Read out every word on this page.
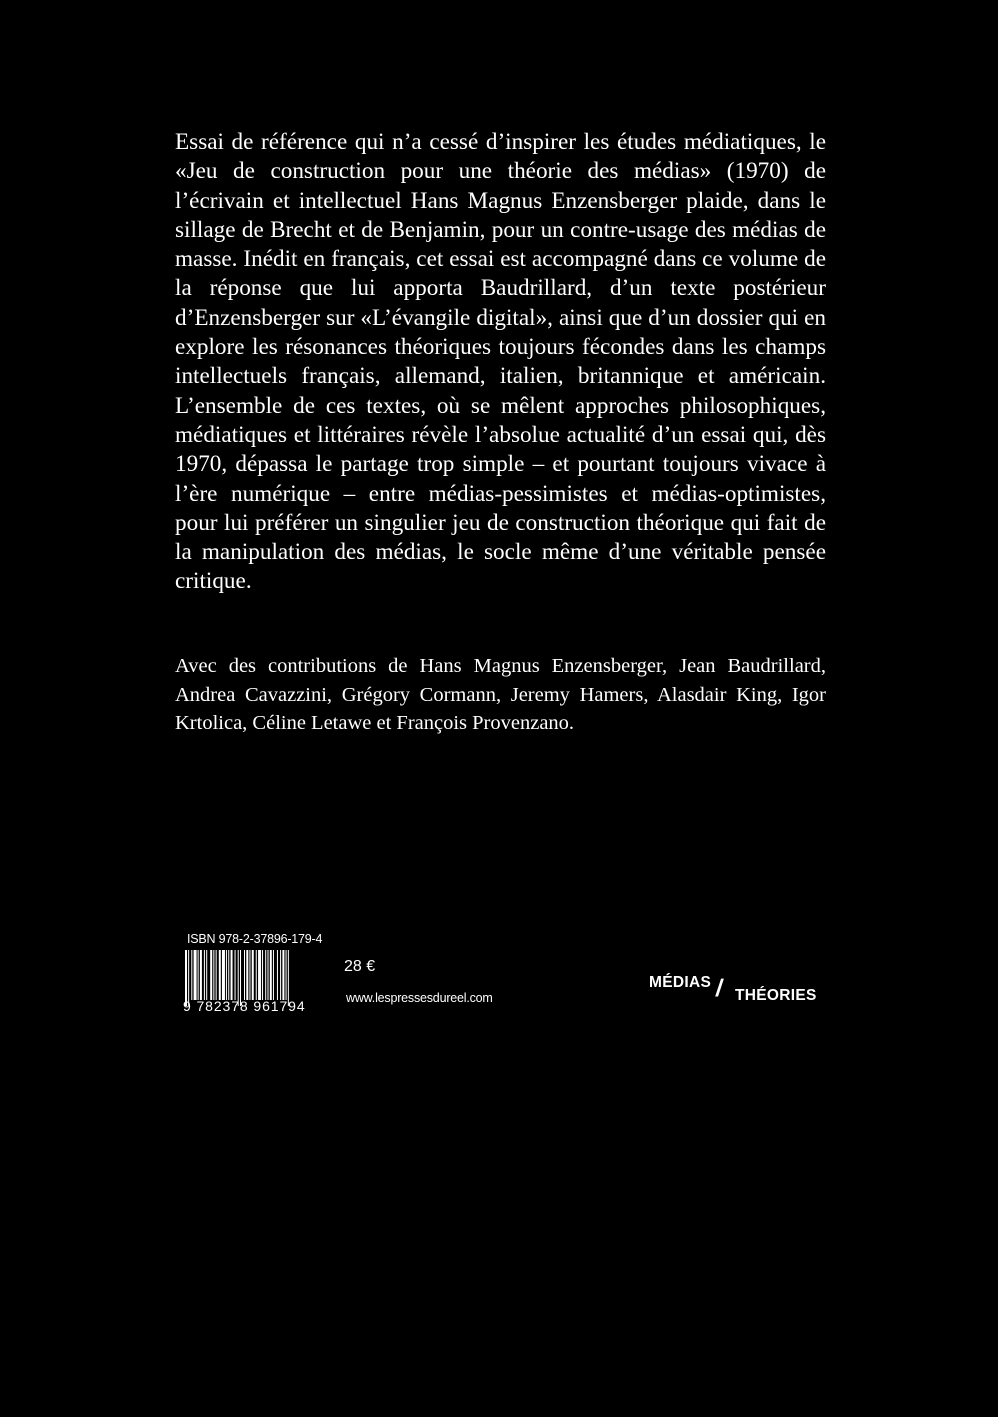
Essai de référence qui n’a cessé d’inspirer les études médiatiques, le «Jeu de construction pour une théorie des médias» (1970) de l’écrivain et intellectuel Hans Magnus Enzensberger plaide, dans le sillage de Brecht et de Benjamin, pour un contre-usage des médias de masse. Inédit en français, cet essai est accompagné dans ce volume de la réponse que lui apporta Baudrillard, d’un texte postérieur d’Enzensberger sur «L’évangile digital», ainsi que d’un dossier qui en explore les résonances théoriques toujours fécondes dans les champs intellectuels français, allemand, italien, britannique et américain. L’ensemble de ces textes, où se mêlent approches philosophiques, médiatiques et littéraires révèle l’absolue actualité d’un essai qui, dès 1970, dépassa le partage trop simple – et pourtant toujours vivace à l’ère numérique – entre médias-pessimistes et médias-optimistes, pour lui préférer un singulier jeu de construction théorique qui fait de la manipulation des médias, le socle même d’une véritable pensée critique.

Avec des contributions de Hans Magnus Enzensberger, Jean Baudrillard, Andrea Cavazzini, Grégory Cormann, Jeremy Hamers, Alasdair King, Igor Krtolica, Céline Letawe et François Provenzano.

ISBN 978-2-37896-179-4
9 782378 961794
28 €
www.lespressesdureel.com
MÉDIAS / THÉORIES
